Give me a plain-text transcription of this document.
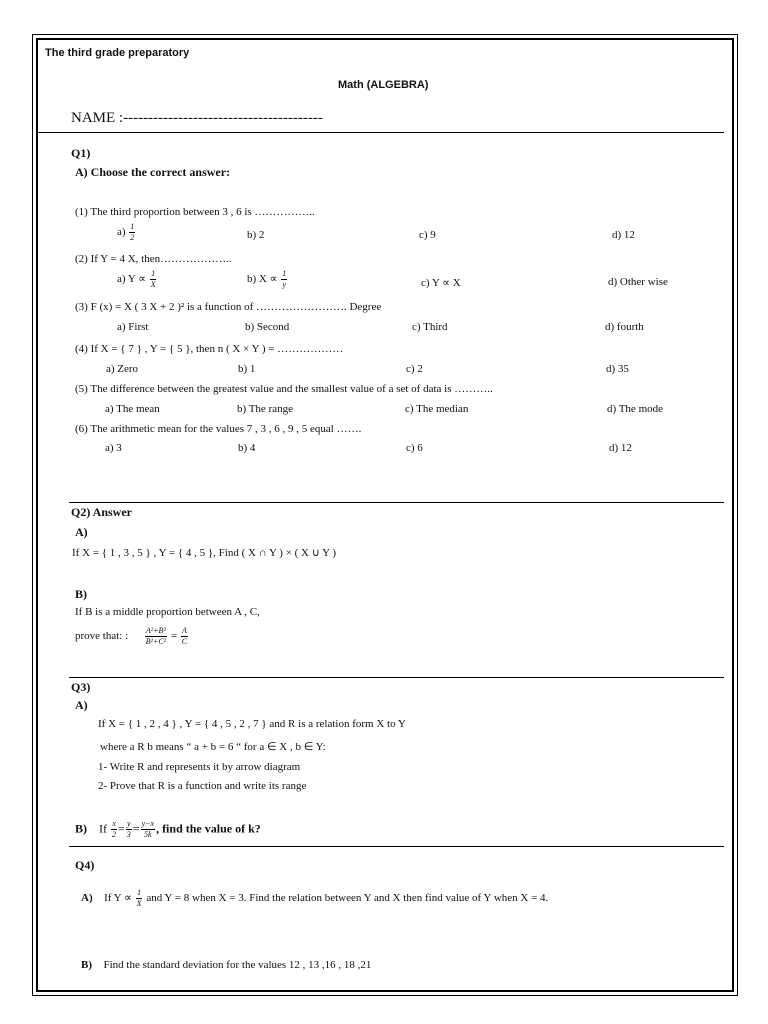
The third grade preparatory
Math (ALGEBRA)
NAME :----------------------------------------
Q1)
A) Choose the correct answer:
(1) The third proportion between 3 , 6 is ……………..
$a) \frac{1}{2}$	b) 2	c) 9	d) 12
(2) If Y = 4 X, then………………..
a) $Y \propto \frac{1}{X}$	b) $X \propto \frac{1}{y}$	c) Y ∝ X	d) Other wise
(3) F (x) = X ( 3 X + 2 )² is a function of ……………………. Degree
a) First	b) Second	c) Third	d) fourth
(4) If X = { 7 } , Y = { 5 }, then n ( X × Y ) = ………………
a) Zero	b) 1	c) 2	d) 35
(5) The difference between the greatest value and the smallest value of a set of data is ………..
a) The mean	b) The range	c) The median	d) The mode
(6) The arithmetic mean for the values 7 , 3 , 6 , 9 , 5 equal …….
a) 3	b) 4	c) 6	d) 12
Q2) Answer
A)
If X = { 1 , 3 , 5 } , Y = { 4 , 5 }, Find ( X ∩ Y ) × ( X ∪ Y )
B)
If B is a middle proportion between A , C,
prove that: : $\frac{\text{A²+B²}}{\text{B²+C²}} = \frac{A}{C}$
Q3)
A)
If X = { 1 , 2 , 4 } , Y = { 4 , 5 , 2 , 7 } and R is a relation form X to Y
where a R b means “ a + b = 6 “ for a ∈ X , b ∈ Y:
1- Write R and represents it by arrow diagram
2- Prove that R is a function and write its range
B) If $\frac{x}{2} = \frac{y}{3} = \frac{y-x}{5k}$ , find the value of k?
Q4)
A) If $Y \propto \frac{1}{X}$ and Y = 8 when X = 3. Find the relation between Y and X then find value of Y when X = 4.
B) Find the standard deviation for the values 12 , 13 ,16 , 18 ,21
